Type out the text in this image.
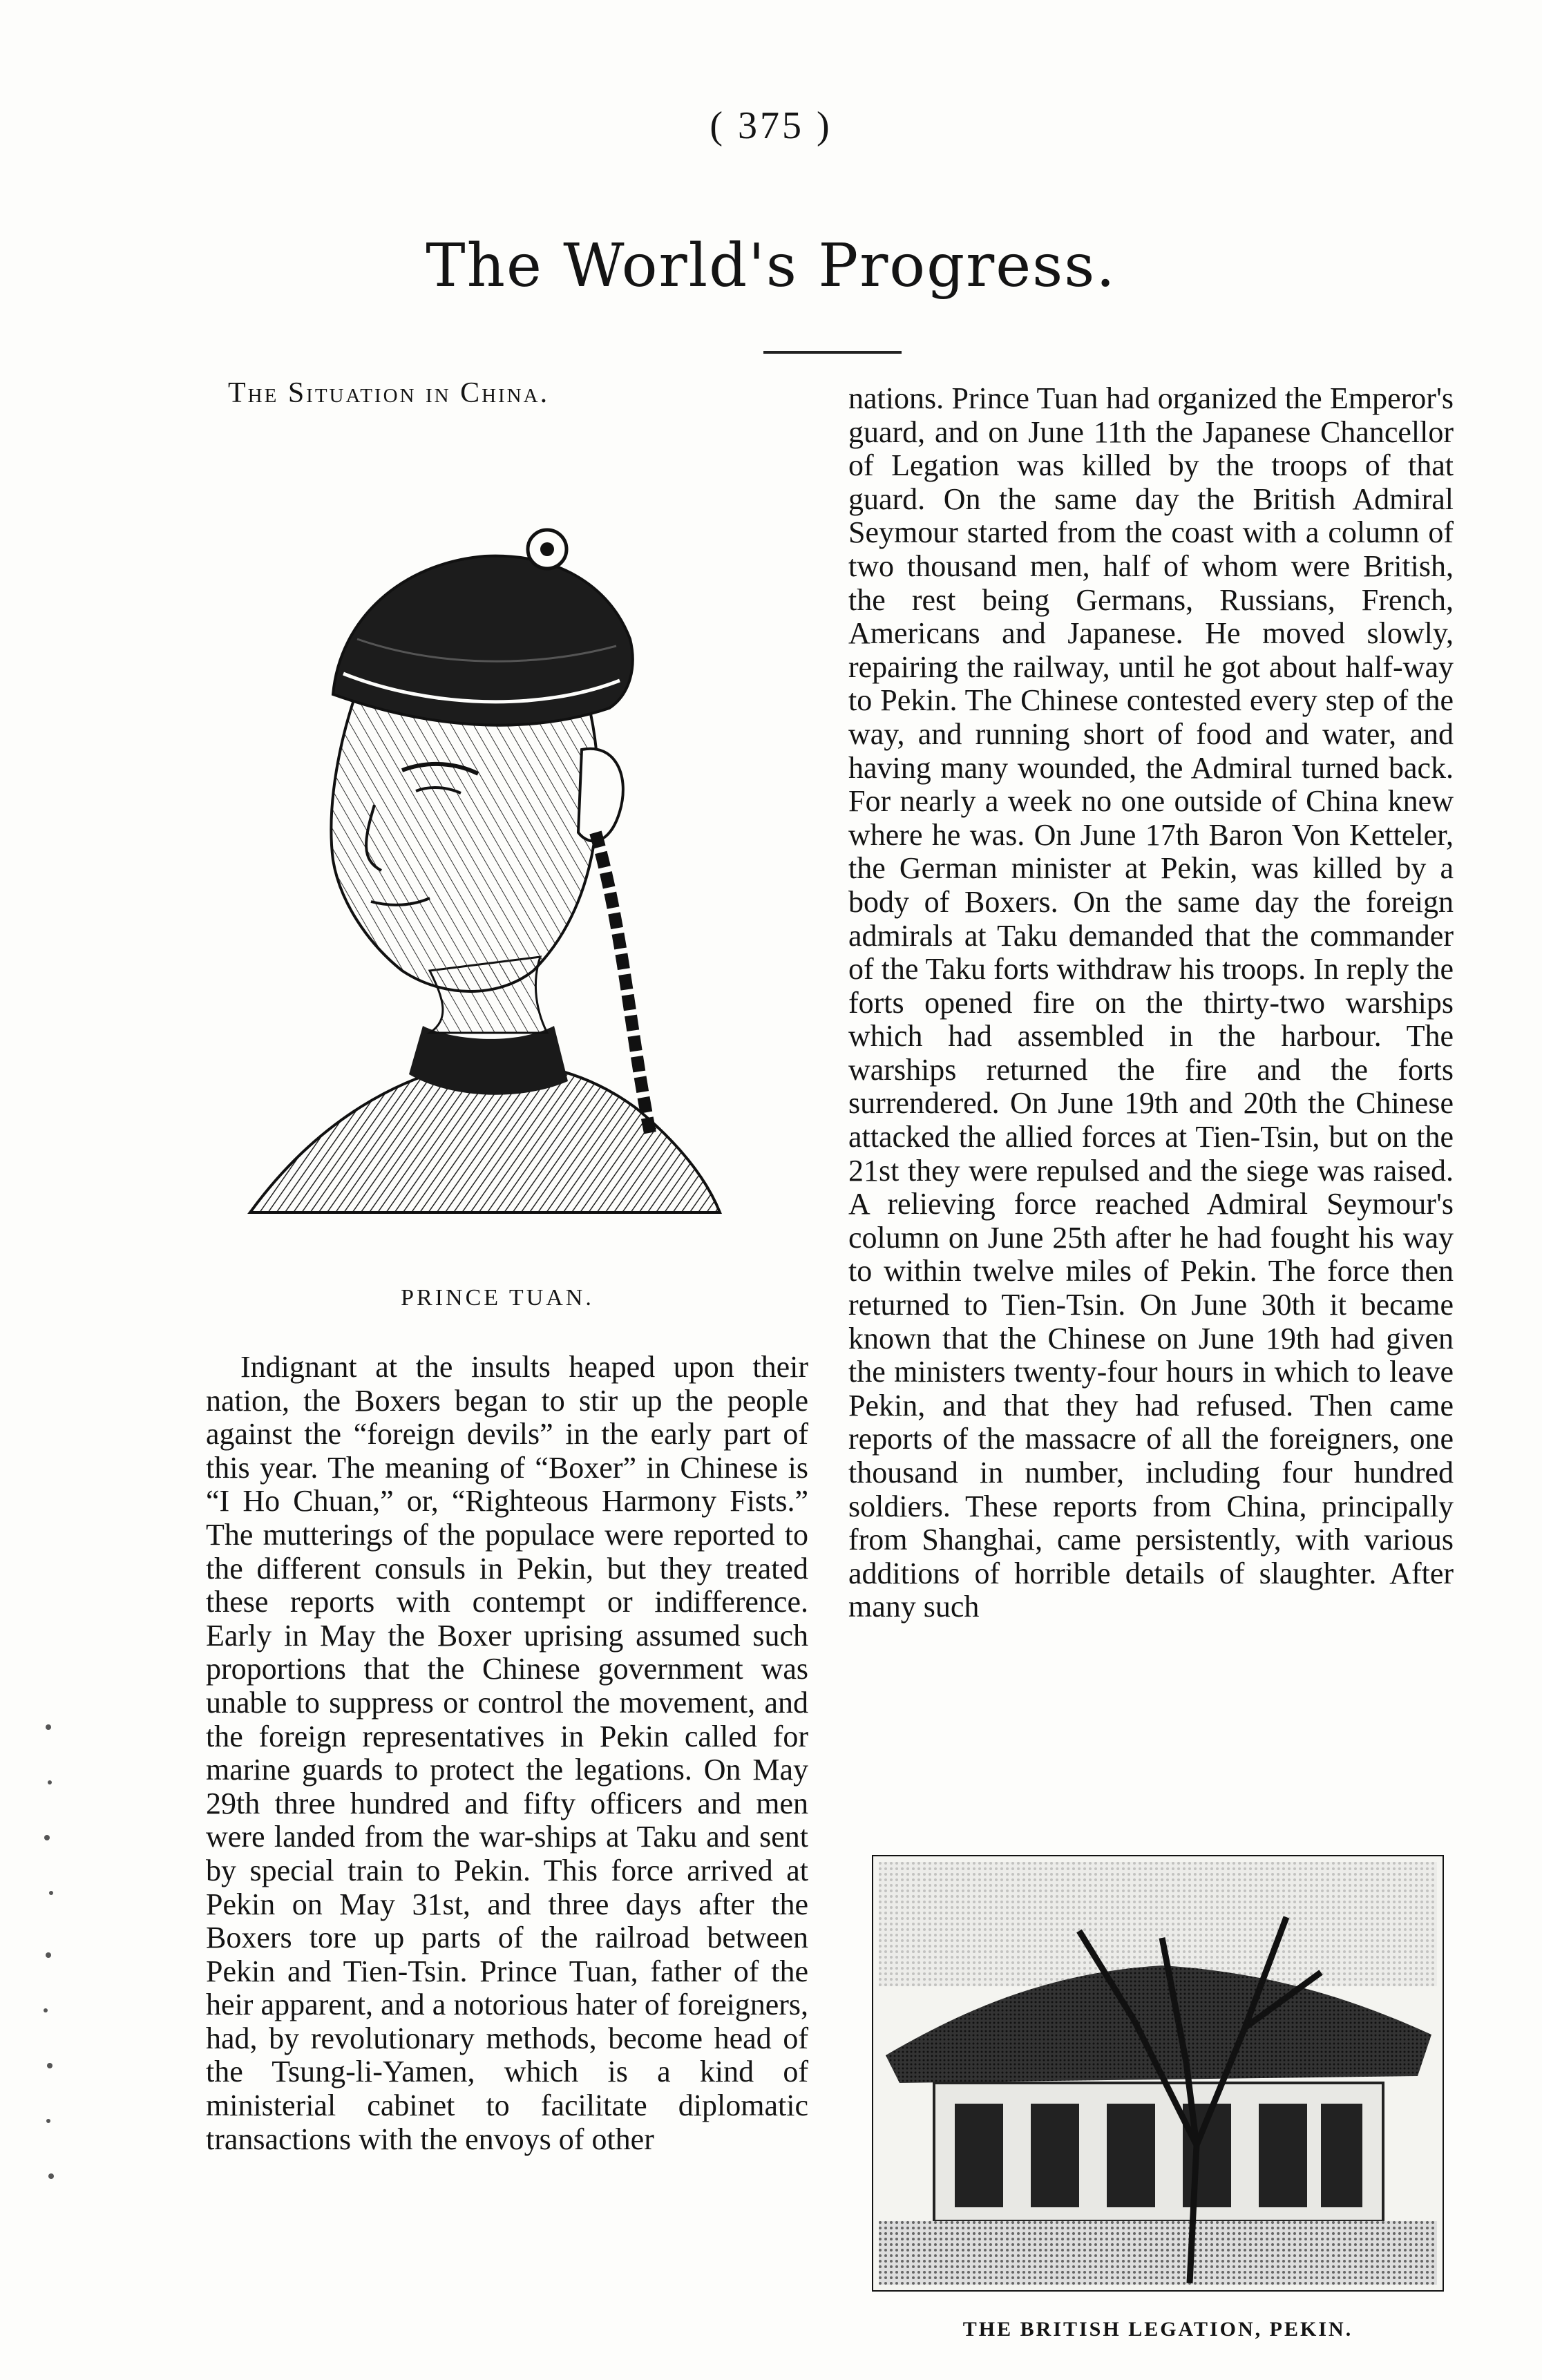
( 375 )
The World's Progress.
The Situation in China.
PRINCE TUAN.
Indignant at the insults heaped upon their nation, the Boxers began to stir up the people against the “foreign devils” in the early part of this year. The meaning of “Boxer” in Chinese is “I Ho Chuan,” or, “Righteous Harmony Fists.” The mutterings of the populace were reported to the different consuls in Pekin, but they treated these reports with contempt or indifference. Early in May the Boxer uprising assumed such proportions that the Chinese government was unable to suppress or control the movement, and the foreign representatives in Pekin called for marine guards to protect the legations. On May 29th three hundred and fifty officers and men were landed from the war-ships at Taku and sent by special train to Pekin. This force arrived at Pekin on May 31st, and three days after the Boxers tore up parts of the railroad between Pekin and Tien-Tsin. Prince Tuan, father of the heir apparent, and a notorious hater of foreigners, had, by revolutionary methods, become head of the Tsung-li-Yamen, which is a kind of ministerial cabinet to facilitate diplomatic transactions with the envoys of other
nations. Prince Tuan had organized the Emperor's guard, and on June 11th the Japanese Chancellor of Legation was killed by the troops of that guard. On the same day the British Admiral Seymour started from the coast with a column of two thousand men, half of whom were British, the rest being Germans, Russians, French, Americans and Japanese. He moved slowly, repairing the railway, until he got about half-way to Pekin. The Chinese contested every step of the way, and running short of food and water, and having many wounded, the Admiral turned back. For nearly a week no one outside of China knew where he was. On June 17th Baron Von Ketteler, the German minister at Pekin, was killed by a body of Boxers. On the same day the foreign admirals at Taku demanded that the commander of the Taku forts withdraw his troops. In reply the forts opened fire on the thirty-two warships which had assembled in the harbour. The warships returned the fire and the forts surrendered. On June 19th and 20th the Chinese attacked the allied forces at Tien-Tsin, but on the 21st they were repulsed and the siege was raised. A relieving force reached Admiral Seymour's column on June 25th after he had fought his way to within twelve miles of Pekin. The force then returned to Tien-Tsin. On June 30th it became known that the Chinese on June 19th had given the ministers twenty-four hours in which to leave Pekin, and that they had refused. Then came reports of the massacre of all the foreigners, one thousand in number, including four hundred soldiers. These reports from China, principally from Shanghai, came persistently, with various additions of horrible details of slaughter. After many such
THE BRITISH LEGATION, PEKIN.
